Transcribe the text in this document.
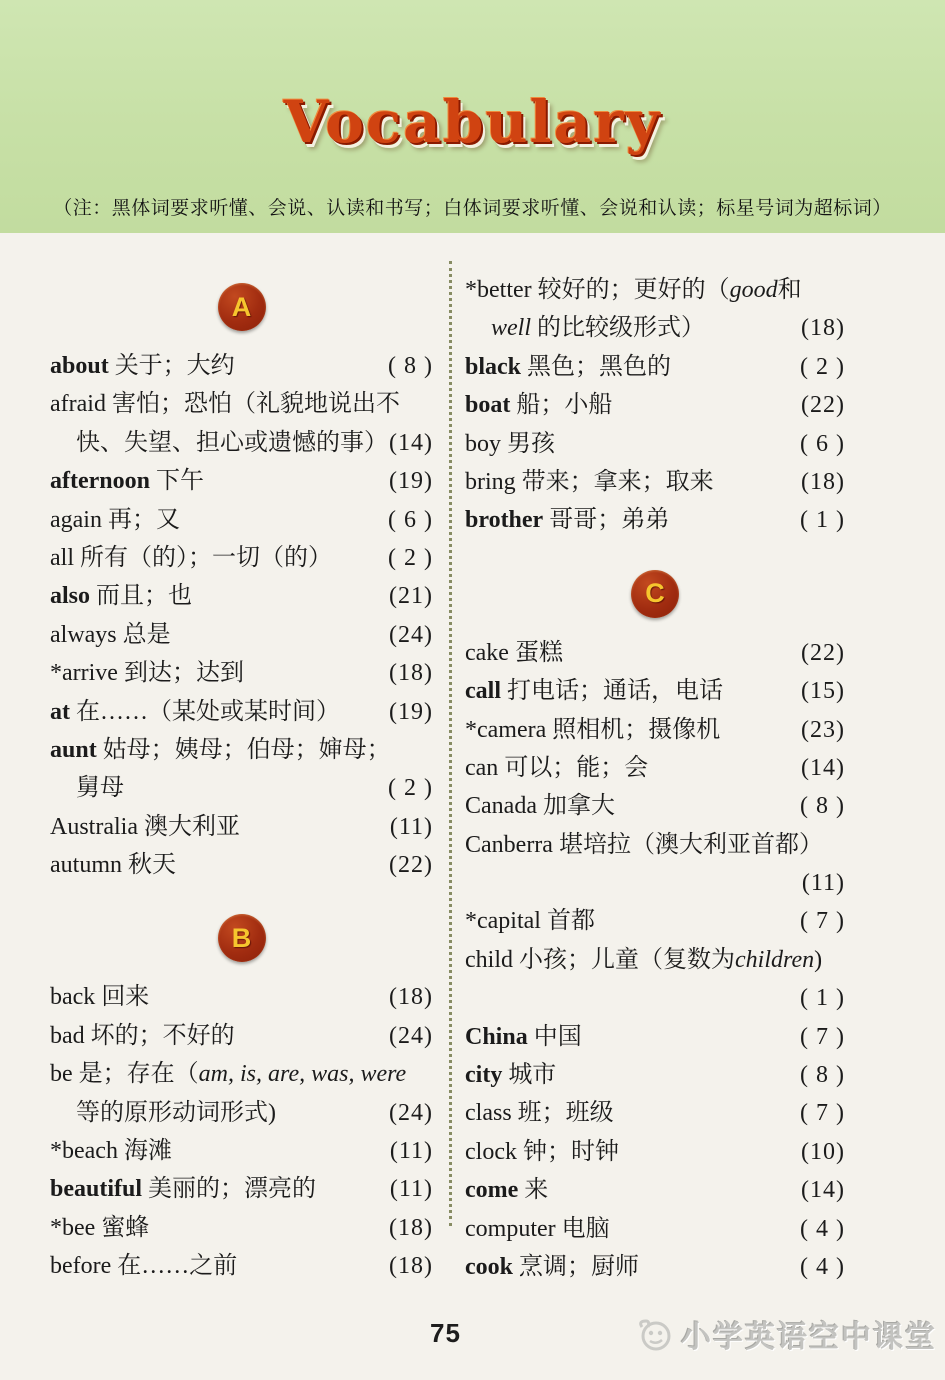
Vocabulary
（注：黑体词要求听懂、会说、认读和书写；白体词要求听懂、会说和认读；标星号词为超标词）
A
about 关于；大约	( 8 )
afraid 害怕；恐怕（礼貌地说出不
快、失望、担心或遗憾的事） (14)
afternoon 下午	(19)
again 再；又	( 6 )
all 所有（的）；一切（的）	( 2 )
also 而且；也	(21)
always 总是	(24)
*arrive 到达；达到	(18)
at 在……（某处或某时间）	(19)
aunt 姑母；姨母；伯母；婶母；
舅母	( 2 )
Australia 澳大利亚	(11)
autumn 秋天	(22)
B
back 回来	(18)
bad 坏的；不好的	(24)
be 是；存在（am, is, are, was, were
等的原形动词形式)	(24)
*beach 海滩	(11)
beautiful 美丽的；漂亮的	(11)
*bee 蜜蜂	(18)
before 在……之前	(18)
*better 较好的；更好的（good和
well 的比较级形式）	(18)
black 黑色；黑色的	( 2 )
boat 船；小船	(22)
boy 男孩	( 6 )
bring 带来；拿来；取来	(18)
brother 哥哥；弟弟	( 1 )
C
cake 蛋糕	(22)
call 打电话；通话，电话	(15)
*camera 照相机；摄像机	(23)
can 可以；能；会	(14)
Canada 加拿大	( 8 )
Canberra 堪培拉（澳大利亚首都）
(11)
*capital 首都	( 7 )
child 小孩；儿童（复数为children)
( 1 )
China 中国	( 7 )
city 城市	( 8 )
class 班；班级	( 7 )
clock 钟；时钟	(10)
come 来	(14)
computer 电脑	( 4 )
cook 烹调；厨师	( 4 )
75	小学英语空中课堂
